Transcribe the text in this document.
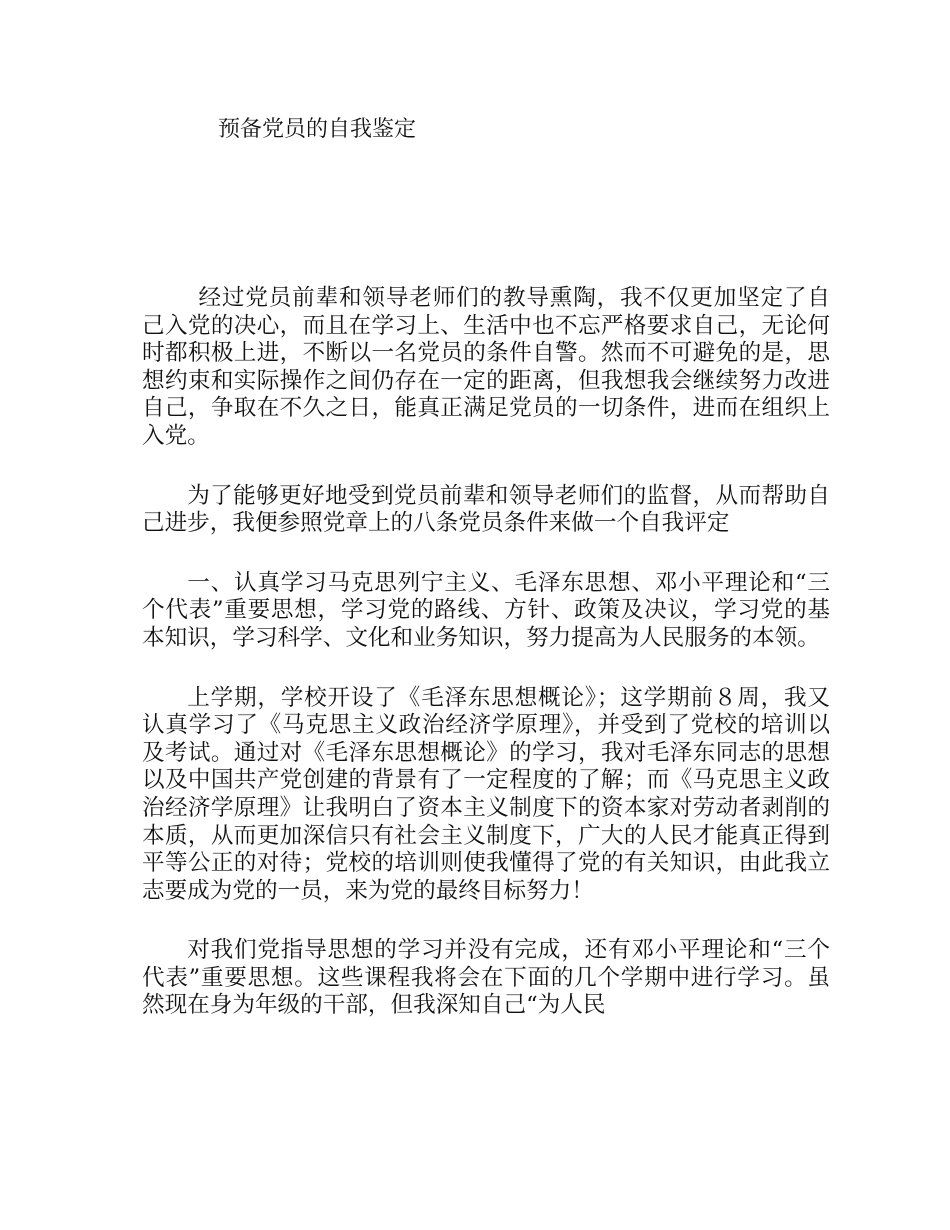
预备党员的自我鉴定

经过党员前辈和领导老师们的教导熏陶，我不仅更加坚定了自己入党的决心，而且在学习上、生活中也不忘严格要求自己，无论何时都积极上进，不断以一名党员的条件自警。然而不可避免的是，思想约束和实际操作之间仍存在一定的距离，但我想我会继续努力改进自己，争取在不久之日，能真正满足党员的一切条件，进而在组织上入党。

为了能够更好地受到党员前辈和领导老师们的监督，从而帮助自己进步，我便参照党章上的八条党员条件来做一个自我评定

一、认真学习马克思列宁主义、毛泽东思想、邓小平理论和“三个代表”重要思想，学习党的路线、方针、政策及决议，学习党的基本知识，学习科学、文化和业务知识，努力提高为人民服务的本领。

上学期，学校开设了《毛泽东思想概论》；这学期前８周，我又认真学习了《马克思主义政治经济学原理》，并受到了党校的培训以及考试。通过对《毛泽东思想概论》的学习，我对毛泽东同志的思想以及中国共产党创建的背景有了一定程度的了解；而《马克思主义政治经济学原理》让我明白了资本主义制度下的资本家对劳动者剥削的本质，从而更加深信只有社会主义制度下，广大的人民才能真正得到平等公正的对待；党校的培训则使我懂得了党的有关知识，由此我立志要成为党的一员，来为党的最终目标努力！

对我们党指导思想的学习并没有完成，还有邓小平理论和“三个代表”重要思想。这些课程我将会在下面的几个学期中进行学习。虽然现在身为年级的干部，但我深知自己“为人民
